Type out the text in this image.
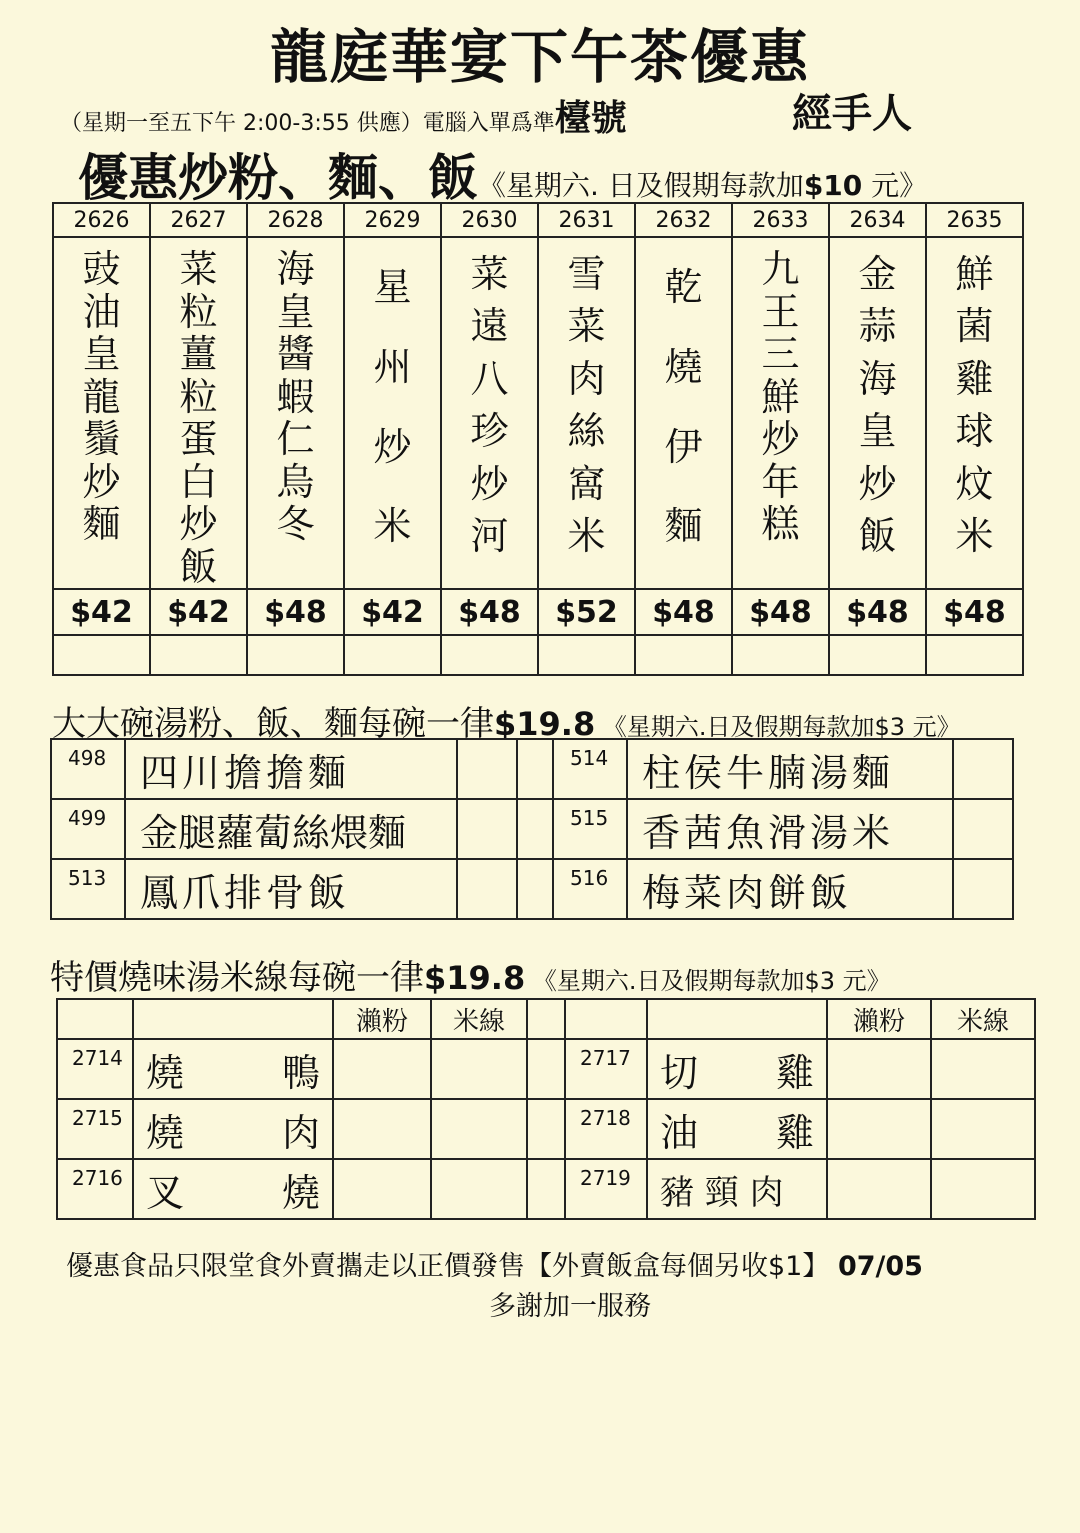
龍庭華宴下午茶優惠
（星期一至五下午 2:00-3:55 供應）電腦入單爲準檯號	經手人
優惠炒粉、麵、飯《星期六. 日及假期每款加$10 元》
2626	2627	2628	2629	2630	2631	2632	2633	2634	2635

豉油皇龍鬚炒麵	菜粒薑粒蛋白炒飯	海皇醬蝦仁烏冬	星州炒米	菜遠八珍炒河	雪菜肉絲窩米	乾燒伊麵	九王三鮮炒年糕	金蒜海皇炒飯	鮮菌雞球炆米

$42	$42	$48	$42	$48	$52	$48	$48	$48	$48

大大碗湯粉、飯、麵每碗一律$19.8 《星期六.日及假期每款加$3 元》
498	四川擔擔麵			514	柱侯牛腩湯麵	
499	金腿蘿蔔絲煨麵			515	香茜魚滑湯米	
513	鳳爪排骨飯			516	梅菜肉餅飯	
特價燒味湯米線每碗一律$19.8 《星期六.日及假期每款加$3 元》
		瀨粉	米線				瀨粉	米線
2714	燒 鴨				2717	切 雞		

2715	燒 肉				2718	油 雞		

2716	叉 燒				2719	豬 頸 肉		
優惠食品只限堂食外賣攜走以正價發售【外賣飯盒每個另收$1】 07/05
多謝加一服務
